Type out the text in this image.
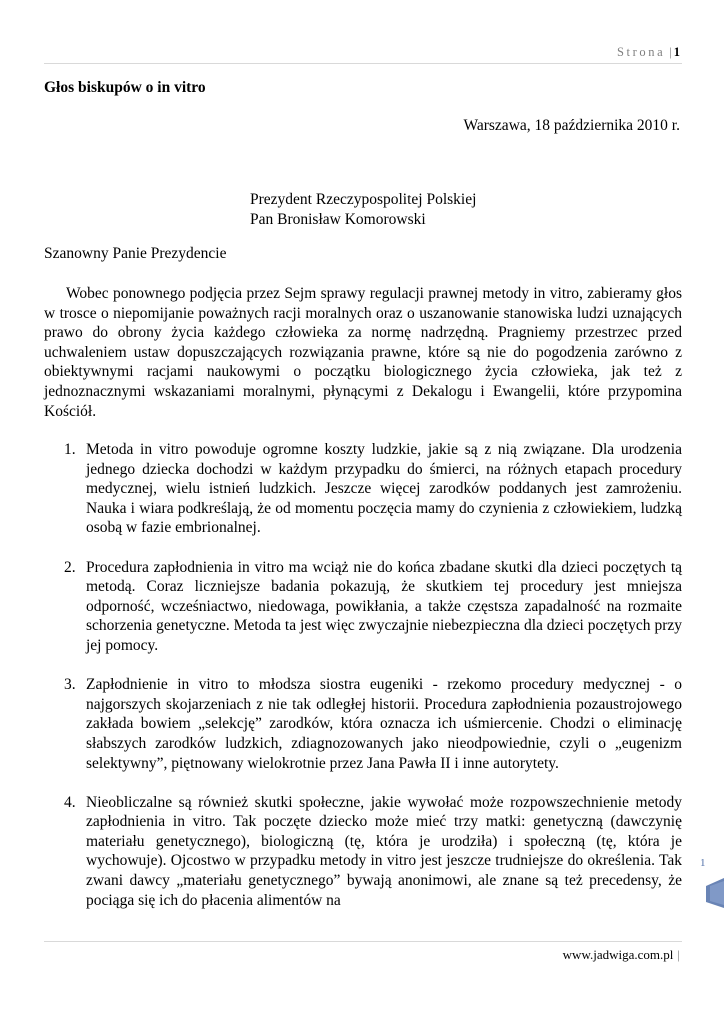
Strona | 1
Głos biskupów o in vitro
Warszawa, 18 października 2010 r.
Prezydent Rzeczypospolitej Polskiej
Pan Bronisław Komorowski
Szanowny Panie Prezydencie
Wobec ponownego podjęcia przez Sejm sprawy regulacji prawnej metody in vitro, zabieramy głos w trosce o niepomijanie poważnych racji moralnych oraz o uszanowanie stanowiska ludzi uznających prawo do obrony życia każdego człowieka za normę nadrzędną. Pragniemy przestrzec przed uchwaleniem ustaw dopuszczających rozwiązania prawne, które są nie do pogodzenia zarówno z obiektywnymi racjami naukowymi o początku biologicznego życia człowieka, jak też z jednoznacznymi wskazaniami moralnymi, płynącymi z Dekalogu i Ewangelii, które przypomina Kościół.
1. Metoda in vitro powoduje ogromne koszty ludzkie, jakie są z nią związane. Dla urodzenia jednego dziecka dochodzi w każdym przypadku do śmierci, na różnych etapach procedury medycznej, wielu istnień ludzkich. Jeszcze więcej zarodków poddanych jest zamrożeniu. Nauka i wiara podkreślają, że od momentu poczęcia mamy do czynienia z człowiekiem, ludzką osobą w fazie embrionalnej.
2. Procedura zapłodnienia in vitro ma wciąż nie do końca zbadane skutki dla dzieci poczętych tą metodą. Coraz liczniejsze badania pokazują, że skutkiem tej procedury jest mniejsza odporność, wcześniactwo, niedowaga, powikłania, a także częstsza zapadalność na rozmaite schorzenia genetyczne. Metoda ta jest więc zwyczajnie niebezpieczna dla dzieci poczętych przy jej pomocy.
3. Zapłodnienie in vitro to młodsza siostra eugeniki - rzekomo procedury medycznej - o najgorszych skojarzeniach z nie tak odległej historii. Procedura zapłodnienia pozaustrojowego zakłada bowiem „selekcję” zarodków, która oznacza ich uśmiercenie. Chodzi o eliminację słabszych zarodków ludzkich, zdiagnozowanych jako nieodpowiednie, czyli o „eugenizm selektywny”, piętnowany wielokrotnie przez Jana Pawła II i inne autorytety.
4. Nieobliczalne są również skutki społeczne, jakie wywołać może rozpowszechnienie metody zapłodnienia in vitro. Tak poczęte dziecko może mieć trzy matki: genetyczną (dawczynię materiału genetycznego), biologiczną (tę, która je urodziła) i społeczną (tę, która je wychowuje). Ojcostwo w przypadku metody in vitro jest jeszcze trudniejsze do określenia. Tak zwani dawcy „materiału genetycznego” bywają anonimowi, ale znane są też precedensy, że pociąga się ich do płacenia alimentów na
1
www.jadwiga.com.pl |
